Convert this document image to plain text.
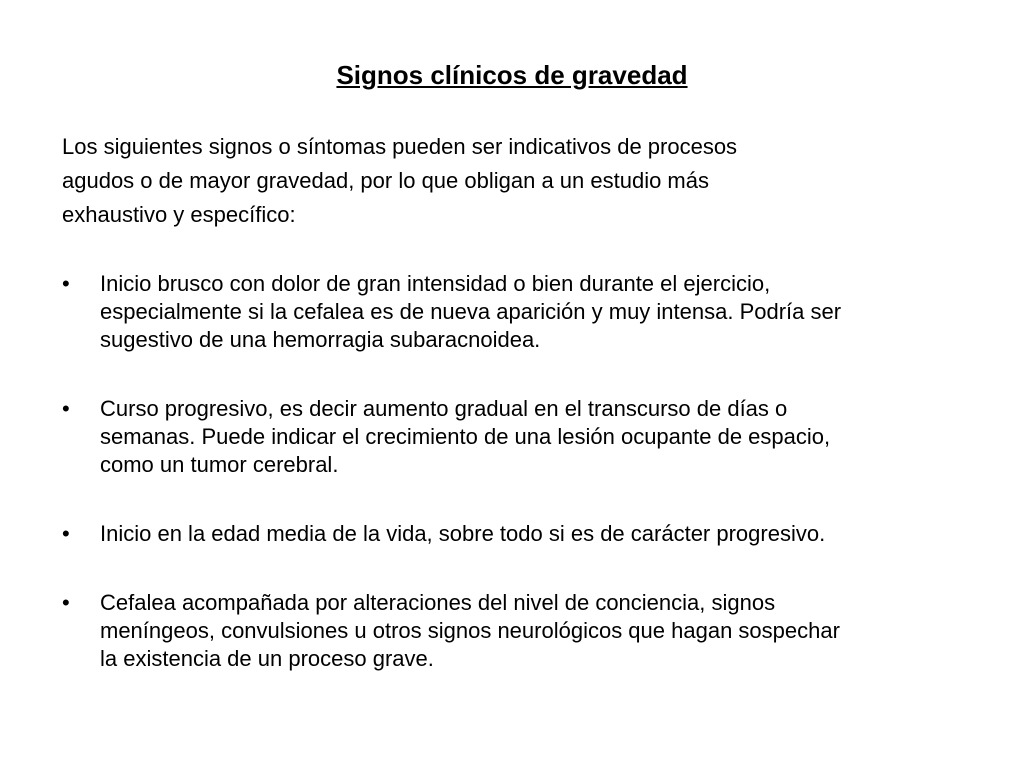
Signos clínicos de gravedad
Los siguientes signos o síntomas pueden ser indicativos de procesos
agudos o de mayor gravedad, por lo que obligan a un estudio más
exhaustivo y específico:
•	Inicio brusco con dolor de gran intensidad o bien durante el ejercicio,
especialmente si la cefalea es de nueva aparición y muy intensa. Podría ser
sugestivo de una hemorragia subaracnoidea.
•	Curso progresivo, es decir aumento gradual en el transcurso de días o
semanas. Puede indicar el crecimiento de una lesión ocupante de espacio,
como un tumor cerebral.
•	Inicio en la edad media de la vida, sobre todo si es de carácter progresivo.
•	Cefalea acompañada por alteraciones del nivel de conciencia, signos
meníngeos, convulsiones u otros signos neurológicos que hagan sospechar
la existencia de un proceso grave.
